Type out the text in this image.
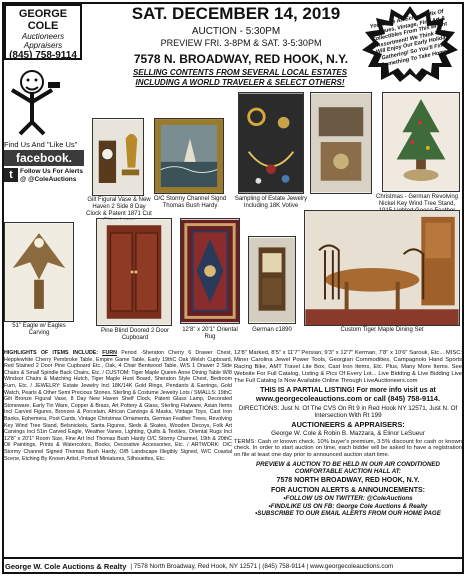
GEORGE COLE
Auctioneers
Appraisers
(845) 758-9114
SAT. DECEMBER 14, 2019
AUCTION - 5:30PM
PREVIEW FRI. 3-8PM & SAT. 3-5:30PM
7578 N. BROADWAY, RED HOOK, N.Y.
SELLING CONTENTS FROM SEVERAL LOCAL ESTATES
INCLUDING A WORLD TRAVELER & SELECT OTHERS!
You'll See An Eclectic Mix Of Antiques, Vintage, Fine Art & Collectibles From This Bright Assortment! We Think You Will Enjoy Our Early Holiday Gathering! So You'll Find Something To Take Home!
Find Us And "Like Us"
facebook.
t	Follow Us For Alerts
@ @ColeAuctions
Gilt Figural Vase & New Haven 2 Side 8 Day Clock & Patent 1871 Cut
O/C Stormy Channel Signd Thomas Bush Hardy
Sampling of Estate Jewelry Including 18K Votive
Christmas - German Revolving Nickel Key Wind Tree Stand,
51" Eagle w/ Eagles Carving	Pine Blind Doored 2 Door Cupboard
12'8" x 20'1" Oriental Rug
German c1890	Custom Tiger Maple Dining Set
HIGHLIGHTS OF ITEMS INCLUDE: FURN Period -Sheraton Cherry 6 Drawer Chest, Hepplewhite Cherry Pembroke Table, Empire Game Table, Early 19thC Oak Welsh Cupboard, Red Stained 2 Door Pine Cupboard Etc., Oak, 4 Chair Bentwood Table, W/S 1 Drawer 2 Side Chairs & Small Spindle Back Chairs, Etc. / CUSTOM: Tiger Maple Queen Anne Dining Table W/8 Windsor Chairs & Matching Hutch, Tiger Maple Hunt Board, Sheraton Style Chest, Bedroom Furn, Etc. / JEWELRY: Estate Jewelry Incl 18K/14K Gold Rings, Pendants & Earrings, Gold Watch, Pearls & Other Semi Precious Stones, Sterling & Costume Jewelry Lots / SMALLS: 19thC Gilt Bronze Figural Vase, 8 Day New Haven Shelf Clock, Patent Glass Lamp, Decorated Stoneware, Early Tin Ware, Copper & Brass, Art Pottery & Glass, Sterling Flatware, Asian Items Incl Carved Figures, Bronzes & Porcelain, African Carvings & Masks, Vintage Toys, Cast Iron Banks, Ephemera, Post Cards, Vintage Christmas Ornaments, German Feather Trees, Revolving Key Wind Tree Stand, Belsnickels, Santa Figures, Sleds & Skates, Wooden Decoys, Folk Art Carvings Incl 51in Carved Eagle, Weather Vanes, Lighting, Quilts & Textiles, Oriental Rugs Incl 12'8" x 20'1" Room Size, Fine Art Incl Thomas Bush Hardy O/C Stormy Channel, 19th & 20thC Oil Paintings, Prints & Watercolors, Books, Decorative Accessories, Etc. / ARTWORK: O/C Stormy Channel Signed Thomas Bush Hardy, O/B Landscape Illegibly Signed, W/C Coastal Scene, Etching By Known Artist, Portrait Miniatures, Silhouettes, Etc.
12'8" Marked, 8'5" x 11'7" Persian, 9'3" x 12'7" Kerman, 7'8" x 10'6" Sarouk, Etc... MISC: Miner Carolina Jewel Power Tools, Georgian Commodities, Campagnolo Hand Sports Racing Bike, AMT Travel Lite Box, Cast Iron Items, Etc. Plus, Many More Items. See Website For Full Catalog, Listing & Pics Of Every Lot... Live Bidding & Live Bidding Live The Full Catalog Is Now Available Online Through LiveAuctioneers.com
THIS IS A PARTIAL LISTING! For more info visit us at
www.georgecoleauctions.com or call (845) 758-9114.
DIRECTIONS: Just N. Of The CVS On Rt 9 in Red Hook NY 12571, Just N. Of Intersection With Rt 199
AUCTIONEERS & APPRAISERS:
George W. Cole & Robin B. Mazzara, & Elinor LeSueur
TERMS: Cash or known check. 10% buyer's premium, 3.5% discount for cash or known check. In order to start auction on time, each bidder will be asked to have a registration on file at least one day prior to announced auction start time.
PREVIEW & AUCTION TO BE HELD IN OUR AIR CONDITIONED COMFORTABLE AUCTION HALL AT:
7578 NORTH BROADWAY, RED HOOK, N.Y.
FOR AUCTION ALERTS & ANNOUNCEMENTS:
•FOLLOW US ON TWITTER: @ColeAuctions
•FIND/LIKE US ON FB: George Cole Auctions & Realty
•SUBSCRIBE TO OUR EMAIL ALERTS FROM OUR HOME PAGE
George W. Cole Auctions & Realty | 7578 North Broadway, Red Hook, NY 12571 | (845) 758-9114 | www.georgecoleauctions.com
